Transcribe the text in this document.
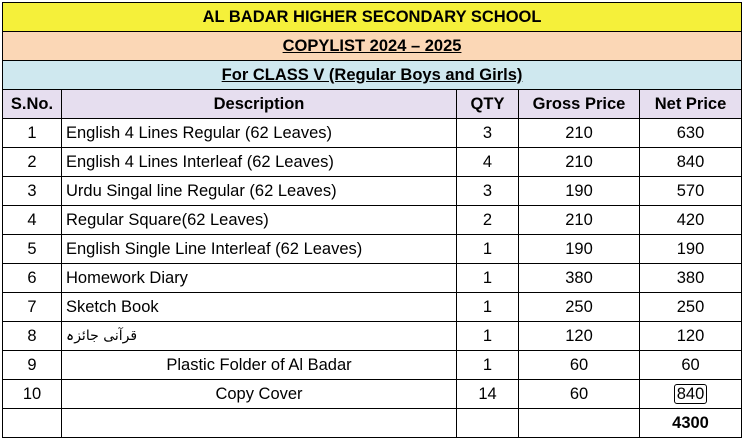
AL BADAR HIGHER SECONDARY SCHOOL				
COPYLIST 2024 – 2025				
For CLASS V (Regular Boys and Girls)				
S.No.	Description	QTY	Gross Price	Net Price
1	English 4 Lines Regular (62 Leaves)	3	210	630
2	English 4 Lines Interleaf (62 Leaves)	4	210	840
3	Urdu Singal line Regular (62 Leaves)	3	190	570
4	Regular Square(62 Leaves)	2	210	420
5	English Single Line Interleaf (62 Leaves)	1	190	190
6	Homework Diary	1	380	380
7	Sketch Book	1	250	250
8	قرآنی جائزہ	1	120	120
9	Plastic Folder of Al Badar	1	60	60
10	Copy Cover	14	60	840
				4300
